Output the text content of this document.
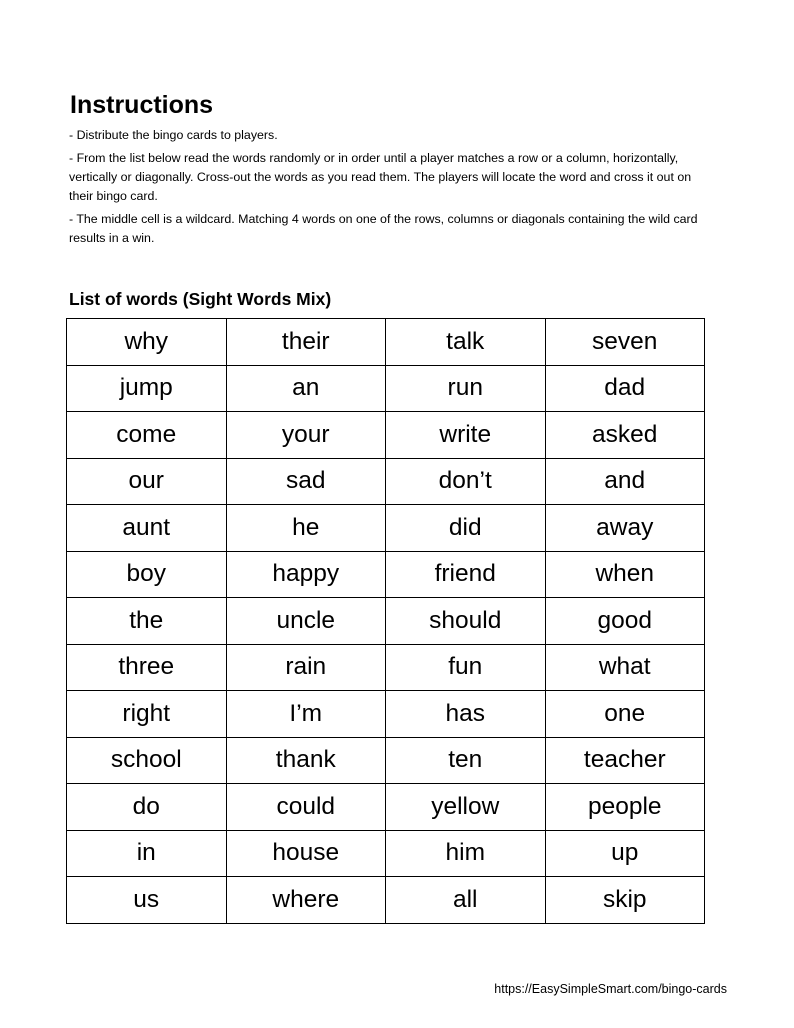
Instructions

- Distribute the bingo cards to players.

- From the list below read the words randomly or in order until a player matches a row or a column, horizontally, vertically or diagonally. Cross-out the words as you read them. The players will locate the word and cross it out on their bingo card.

- The middle cell is a wildcard. Matching 4 words on one of the rows, columns or diagonals containing the wild card results in a win.

List of words (Sight Words Mix)
why	their	talk	seven
jump	an	run	dad
come	your	write	asked
our	sad	don’t	and
aunt	he	did	away
boy	happy	friend	when
the	uncle	should	good
three	rain	fun	what
right	I’m	has	one
school	thank	ten	teacher
do	could	yellow	people
in	house	him	up
us	where	all	skip
https://EasySimpleSmart.com/bingo-cards
